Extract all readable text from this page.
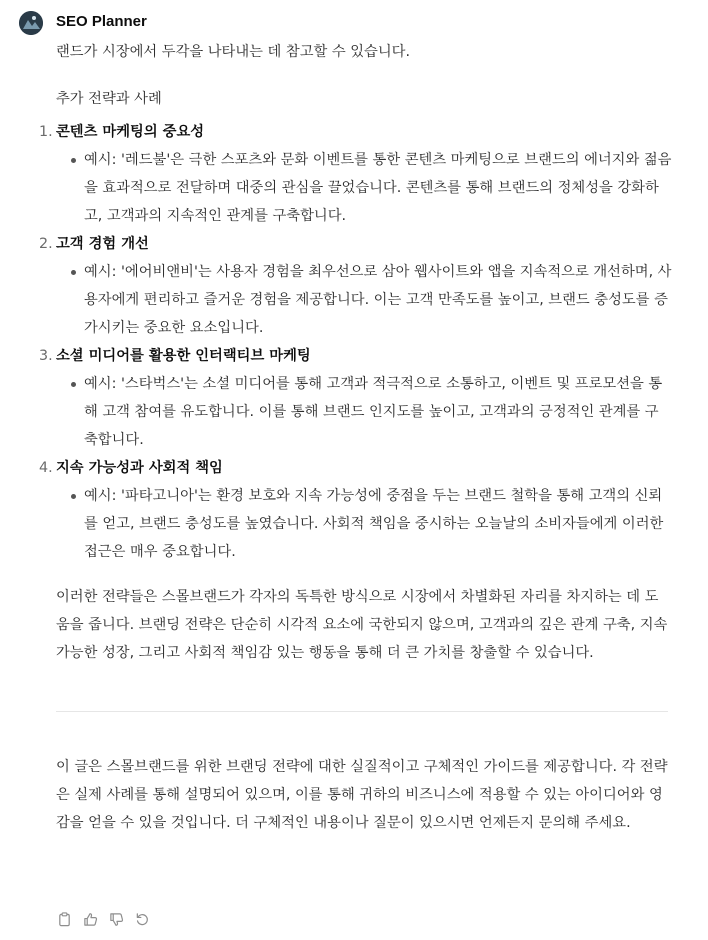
SEO Planner

랜드가 시장에서 두각을 나타내는 데 참고할 수 있습니다.

추가 전략과 사례

1. 콘텐츠 마케팅의 중요성
예시: '레드불'은 극한 스포츠와 문화 이벤트를 통한 콘텐츠 마케팅으로 브랜드의 에너지와 젊음을 효과적으로 전달하며 대중의 관심을 끌었습니다. 콘텐츠를 통해 브랜드의 정체성을 강화하고, 고객과의 지속적인 관계를 구축합니다.
2. 고객 경험 개선
예시: '에어비앤비'는 사용자 경험을 최우선으로 삼아 웹사이트와 앱을 지속적으로 개선하며, 사용자에게 편리하고 즐거운 경험을 제공합니다. 이는 고객 만족도를 높이고, 브랜드 충성도를 증가시키는 중요한 요소입니다.
3. 소셜 미디어를 활용한 인터랙티브 마케팅
예시: '스타벅스'는 소셜 미디어를 통해 고객과 적극적으로 소통하고, 이벤트 및 프로모션을 통해 고객 참여를 유도합니다. 이를 통해 브랜드 인지도를 높이고, 고객과의 긍정적인 관계를 구축합니다.
4. 지속 가능성과 사회적 책임
예시: '파타고니아'는 환경 보호와 지속 가능성에 중점을 두는 브랜드 철학을 통해 고객의 신뢰를 얻고, 브랜드 충성도를 높였습니다. 사회적 책임을 중시하는 오늘날의 소비자들에게 이러한 접근은 매우 중요합니다.

이러한 전략들은 스몰브랜드가 각자의 독특한 방식으로 시장에서 차별화된 자리를 차지하는 데 도움을 줍니다. 브랜딩 전략은 단순히 시각적 요소에 국한되지 않으며, 고객과의 깊은 관계 구축, 지속 가능한 성장, 그리고 사회적 책임감 있는 행동을 통해 더 큰 가치를 창출할 수 있습니다.

이 글은 스몰브랜드를 위한 브랜딩 전략에 대한 실질적이고 구체적인 가이드를 제공합니다. 각 전략은 실제 사례를 통해 설명되어 있으며, 이를 통해 귀하의 비즈니스에 적용할 수 있는 아이디어와 영감을 얻을 수 있을 것입니다. 더 구체적인 내용이나 질문이 있으시면 언제든지 문의해 주세요.
